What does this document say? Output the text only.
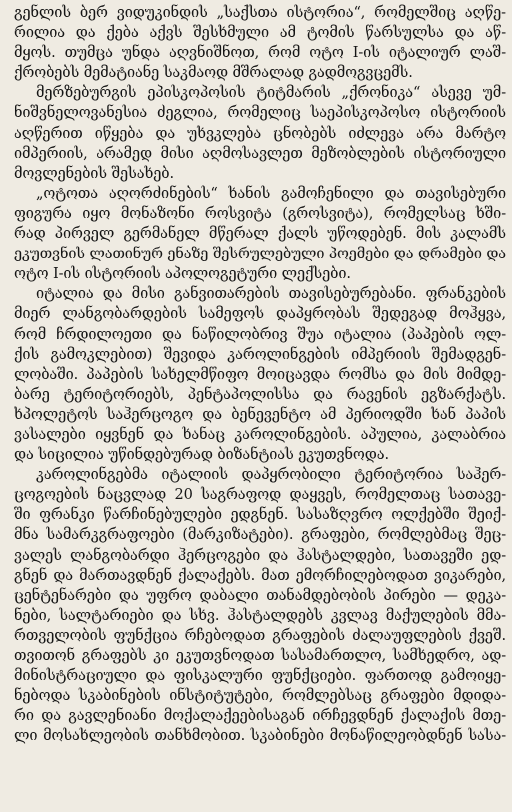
გენლის ბერ ვიდუკინდის „საქსთა ისტორია“, რომელშიც აღწე-
რილია და ქება აქვს შესხმული ამ ტომის წარსულსა და აწ-
მყოს. თუმცა უნდა აღვნიშნოთ, რომ ოტო I-ის იტალიურ ლაშ-
ქრობებს მემატიანე საკმაოდ მშრალად გადმოგვცემს.
მერზებურგის ეპისკოპოსის ტიტმარის „ქრონიკა“ ასევე უმ-
ნიშვნელოვანესია ძეგლია, რომელიც საეპისკოპოსო ისტორიის
აღწერით იწყება და უხვკლება ცნობებს იძლევა არა მარტო
იმპერიის, არამედ მისი აღმოსავლეთ მეზობლების ისტორიული
მოვლენების შესახებ.
„ოტოთა აღორძინების“ ხანის გამოჩენილი და თავისებური
ფიგურა იყო მონაზონი როსვიტა (გროსვიტა), რომელსაც ხში-
რად პირველ გერმანელ მწერალ ქალს უწოდებენ. მის კალამს
ეკუთვნის ლათინურ ენაზე შესრულებული პოემები და დრამები და
ოტო I-ის ისტორიის აპოლოგეტური ლექსები.
იტალია და მისი განვითარების თავისებურებანი. ფრანკების
მიერ ლანგობარდების სამეფოს დაპყრობას შედეგად მოჰყვა,
რომ ჩრდილოეთი და ნაწილობრივ შუა იტალია (პაპების ოლ-
ქის გამოკლებით) შევიდა კაროლინგების იმპერიის შემადგენ-
ლობაში. პაპების სახელმწიფო მოიცავდა რომსა და მის მიმდე-
ბარე ტერიტორიებს, პენტაპოლისსა და რავენის ეგზარქატს.
ხპოლეტოს საჰერცოგო და ბენევენტო ამ პერიოდში ხან პაპის
ვასალები იყვნენ და ხანაც კაროლინგების. აპულია, კალაბრია
და სიცილია უწინდებურად ბიზანტიას ეკუთვნოდა.
კაროლინგებმა იტალიის დაპყრობილი ტერიტორია საჰერ-
ცოგოების ნაცვლად 20 საგრაფოდ დაყვეს, რომელთაც სათავე-
ში ფრანკი წარჩინებულები ედგნენ. სასაზღვრო ოლქებში შეიქ-
მნა სამარკგრაფოები (მარკიზატები). გრაფები, რომლებმაც შეც-
ვალეს ლანგობარდი ჰერცოგები და ჰასტალდები, სათავეში ედ-
გნენ და მართავდნენ ქალაქებს. მათ ემორჩილებოდათ ვიკარები,
ცენტენარები და უფრო დაბალი თანამდებობის პირები — დეკა-
ნები, სალტარიები და სხვ. ჰასტალდებს კვლავ მაქულების მმა-
რთველობის ფუნქცია რჩებოდათ გრაფების ძალაუფლების ქვეშ.
თვითონ გრაფებს კი ეკუთვნოდათ სასამართლო, სამხედრო, ად-
მინისტრაციული და ფისკალური ფუნქციები. ფართოდ გამოიყე-
ნებოდა სკაბინების ინსტიტუტები, რომლებსაც გრაფები მდიდა-
რი და გავლენიანი მოქალაქეებისაგან ირჩევდნენ ქალაქის მთე-
ლი მოსახლეობის თანხმობით. სკაბინები მონაწილეობდნენ სასა-
